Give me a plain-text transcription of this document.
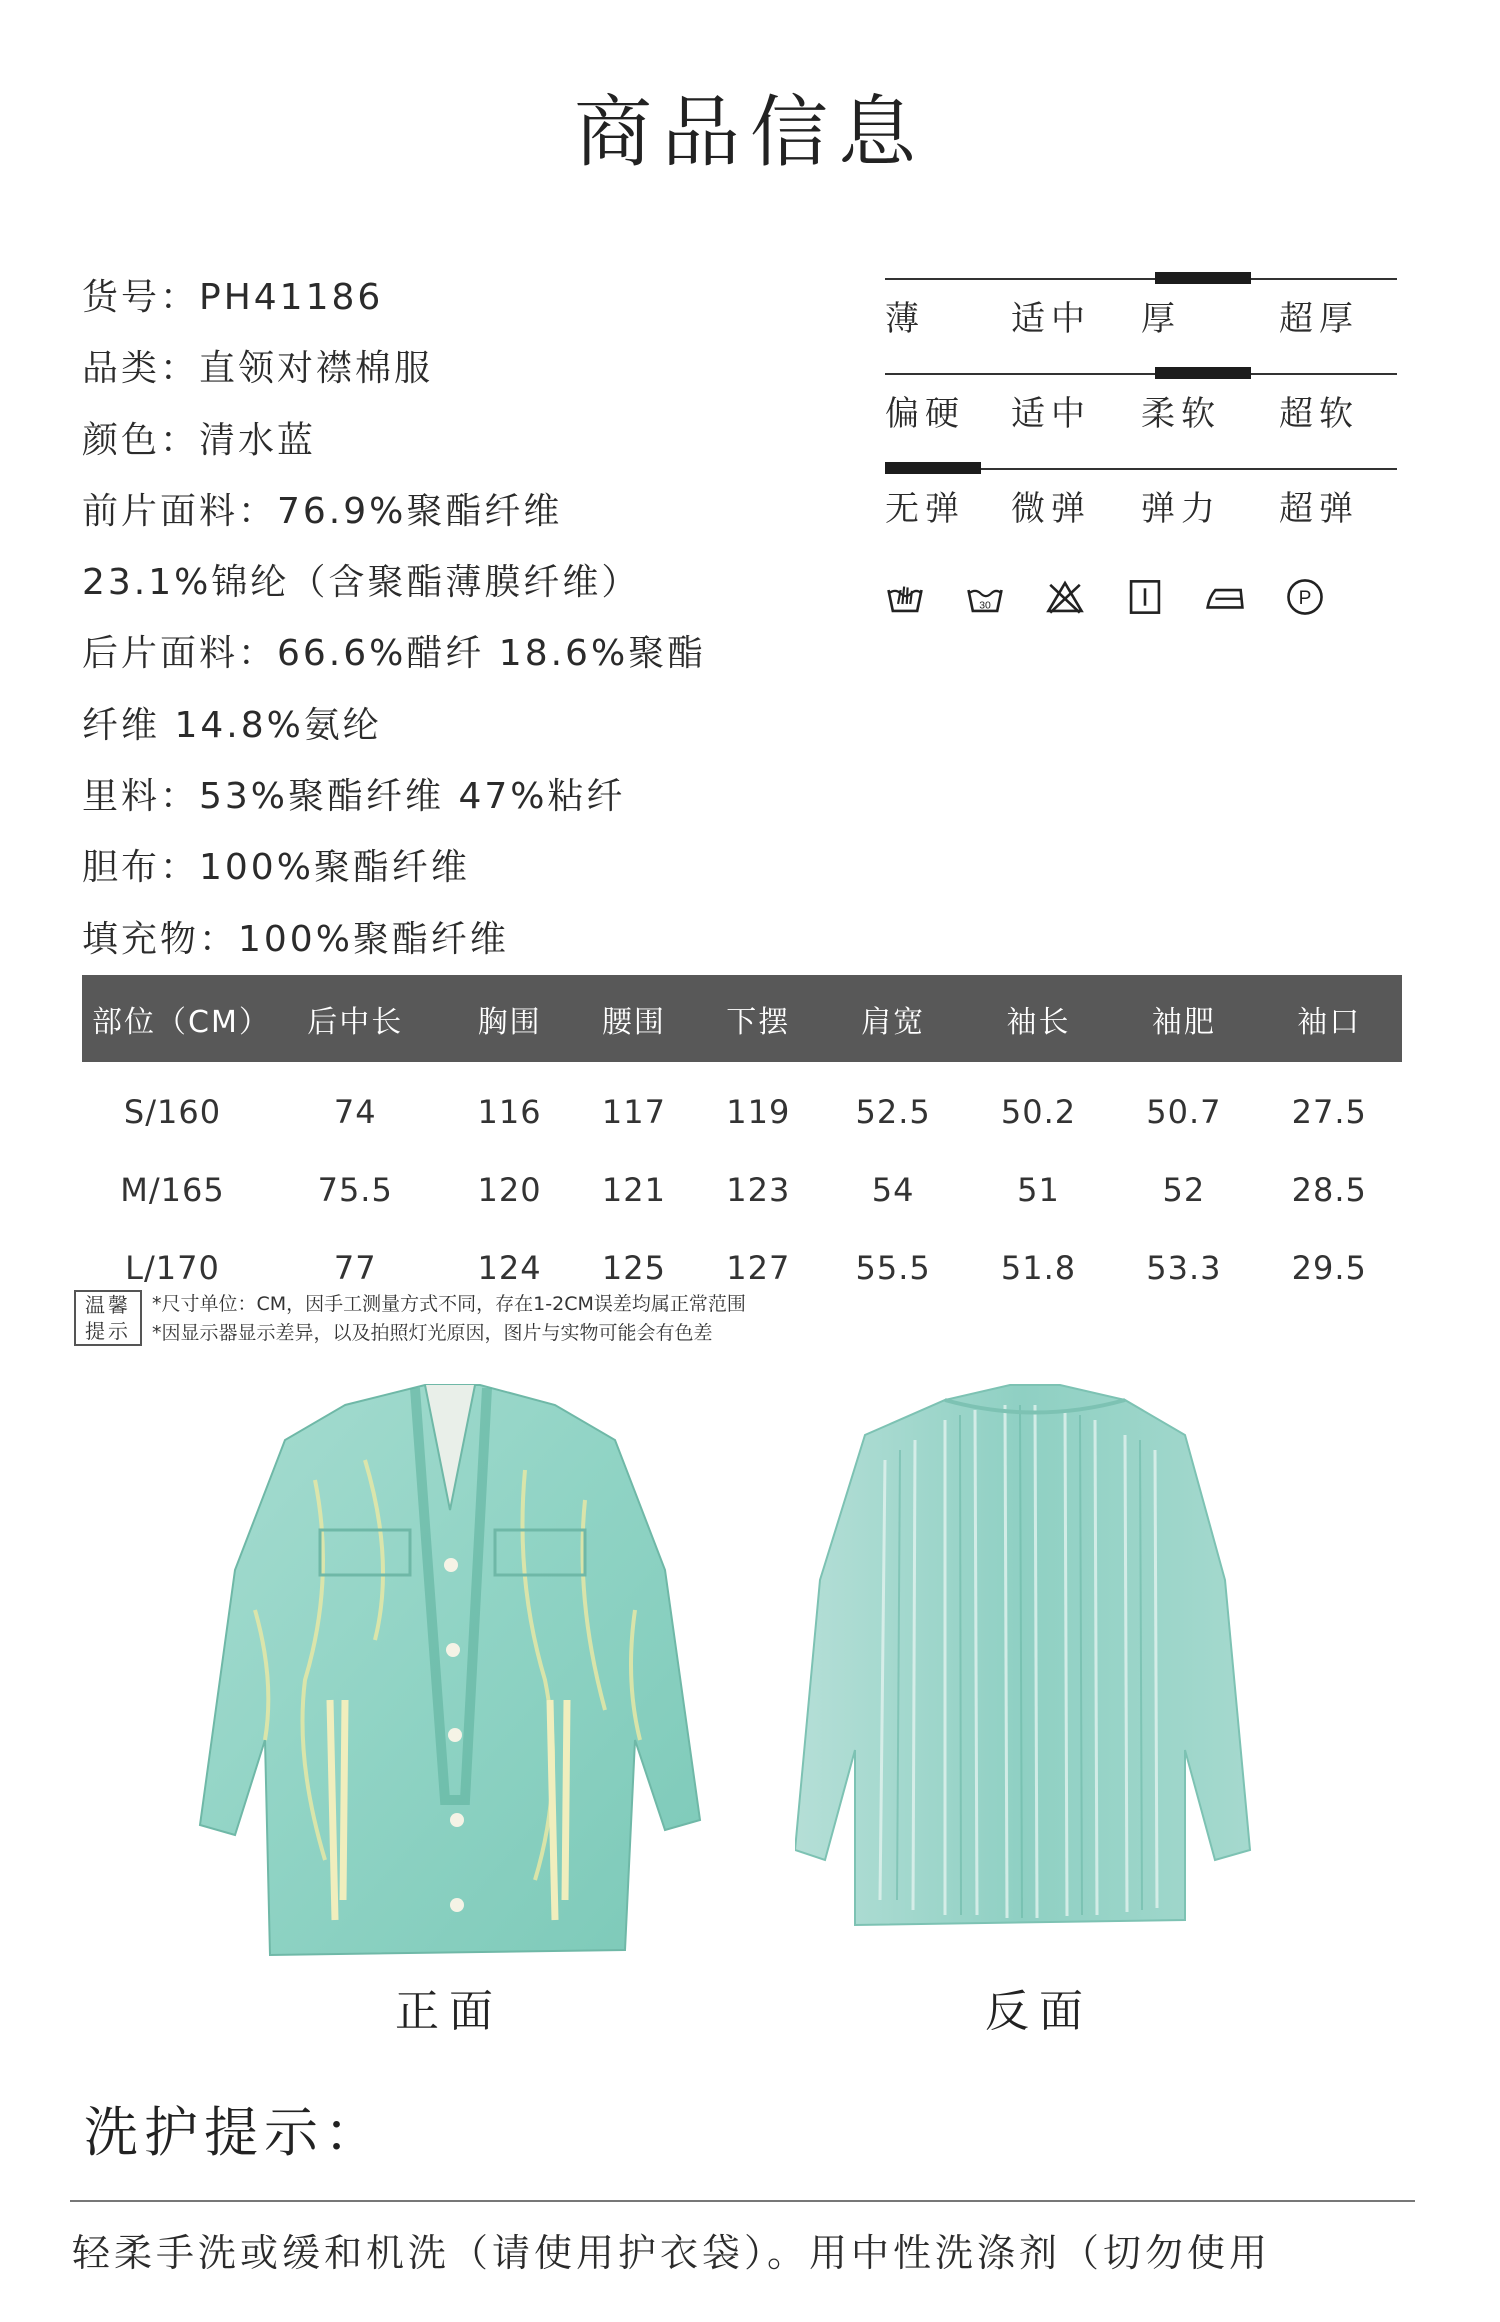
商品信息
货号：PH41186
品类：直领对襟棉服
颜色：清水蓝
前片面料：76.9%聚酯纤维
23.1%锦纶（含聚酯薄膜纤维）
后片面料：66.6%醋纤 18.6%聚酯
纤维 14.8%氨纶
里料：53%聚酯纤维 47%粘纤
胆布：100%聚酯纤维
填充物：100%聚酯纤维
薄	适中	厚	超厚
偏硬	适中	柔软	超软
无弹	微弹	弹力	超弹
30	P
部位（CM）	后中长	胸围	腰围	下摆	肩宽	袖长	袖肥	袖口
S/160	74	116	117	119	52.5	50.2	50.7	27.5
M/165	75.5	120	121	123	54	51	52	28.5
L/170	77	124	125	127	55.5	51.8	53.3	29.5
温馨
提示
*尺寸单位：CM，因手工测量方式不同，存在1-2CM误差均属正常范围
*因显示器显示差异，以及拍照灯光原因，图片与实物可能会有色差
正面	反面
洗护提示：
轻柔手洗或缓和机洗（请使用护衣袋）。用中性洗涤剂（切勿使用
